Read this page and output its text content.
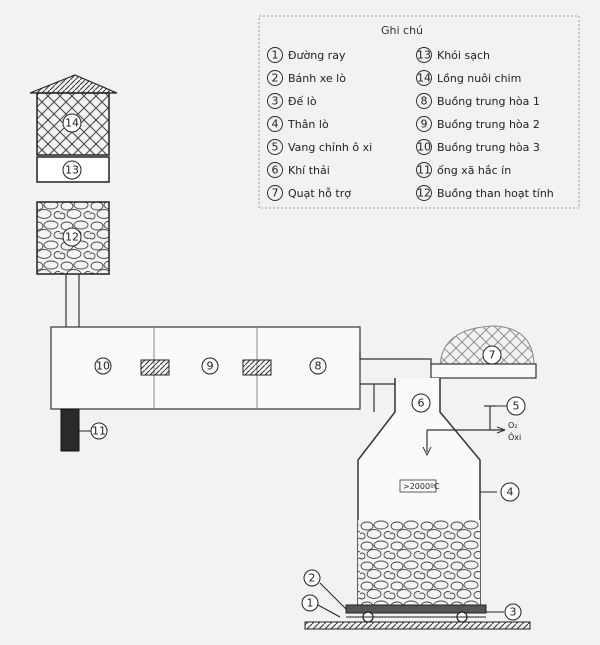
Ghi chú
1 Đường ray
2 Bánh xe lò
3 Đế lò
4 Thân lò
5 Vang chỉnh ô xi
6 Khí thải
7 Quạt hỗ trợ
13 Khói sạch
14 Lồng nuôi chim
8 Buồng trung hòa 1
9 Buồng trung hòa 2
10 Buồng trung hòa 3
11 ống xã hắc ín
12 Buồng than hoạt tính
14
13
12
10	9	8
11
7
>2000ºC	4
6	5
O₂
Ôxi
2
1
3
